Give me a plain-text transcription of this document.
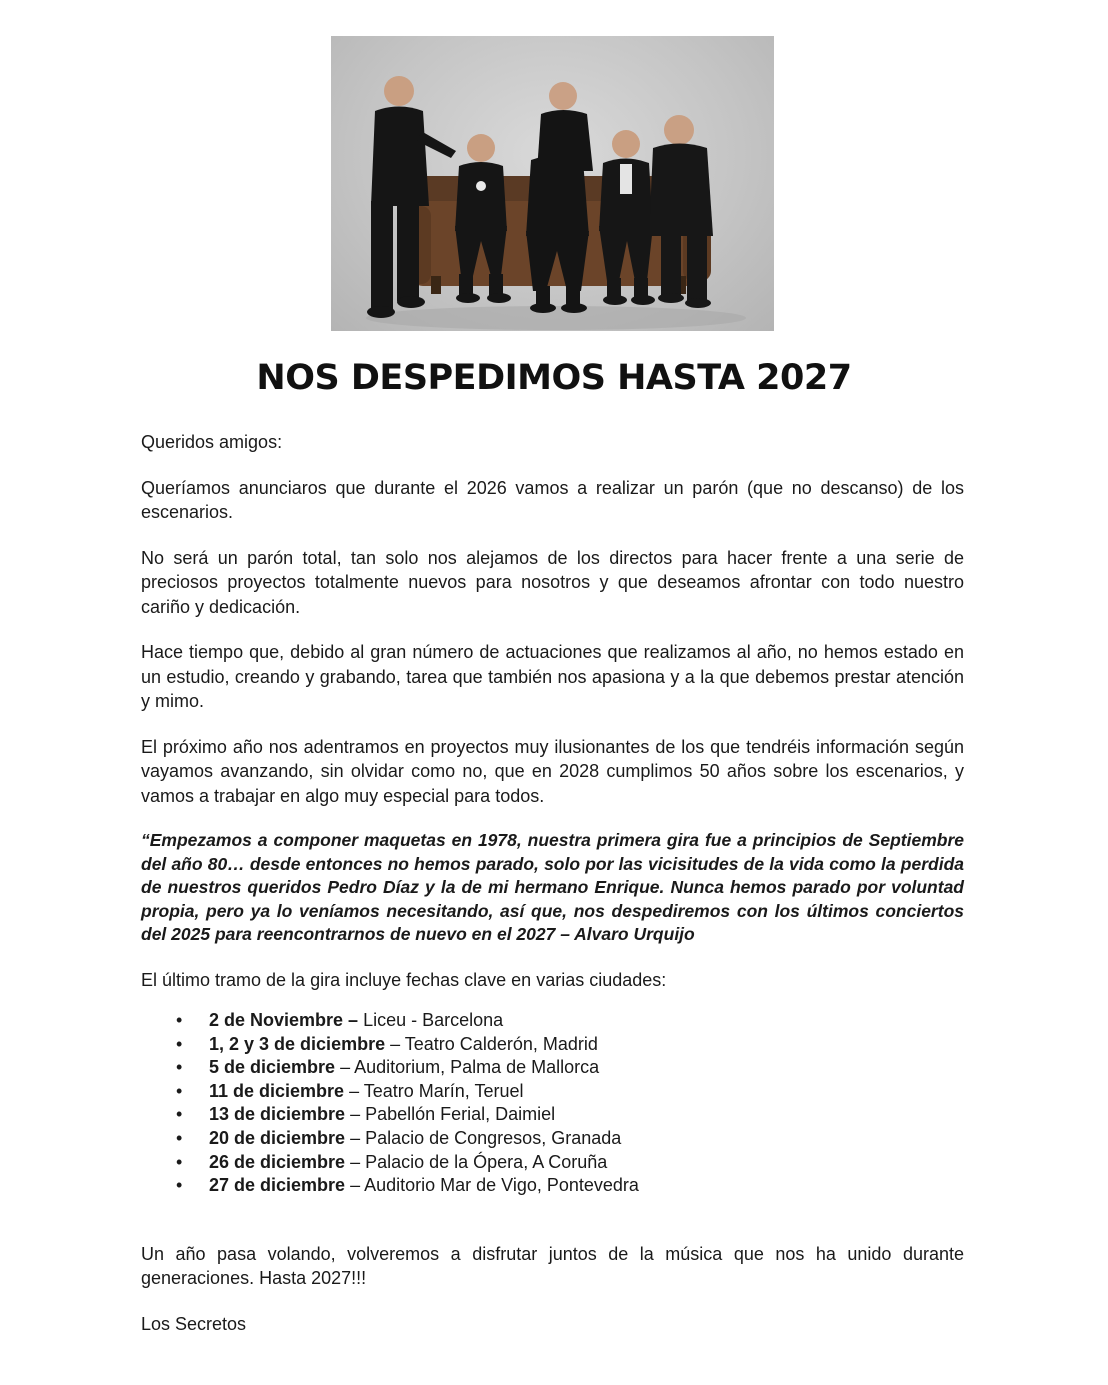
NOS DESPEDIMOS HASTA 2027

Queridos amigos:

Queríamos anunciaros que durante el 2026 vamos a realizar un parón (que no descanso) de los escenarios.

No será un parón total, tan solo nos alejamos de los directos para hacer frente a una serie de preciosos proyectos totalmente nuevos para nosotros y que deseamos afrontar con todo nuestro cariño y dedicación.

Hace tiempo que, debido al gran número de actuaciones que realizamos al año, no hemos estado en un estudio, creando y grabando, tarea que también nos apasiona y a la que debemos prestar atención y mimo.

El próximo año nos adentramos en proyectos muy ilusionantes de los que tendréis información según vayamos avanzando, sin olvidar como no, que en 2028 cumplimos 50 años sobre los escenarios, y vamos a trabajar en algo muy especial para todos.

“Empezamos a componer maquetas en 1978, nuestra primera gira fue a principios de Septiembre del año 80… desde entonces no hemos parado, solo por las vicisitudes de la vida como la perdida de nuestros queridos Pedro Díaz y la de mi hermano Enrique. Nunca hemos parado por voluntad propia, pero ya lo veníamos necesitando, así que, nos despediremos con los últimos conciertos del 2025 para reencontrarnos de nuevo en el 2027 – Alvaro Urquijo

El último tramo de la gira incluye fechas clave en varias ciudades:

• 2 de Noviembre – Liceu - Barcelona
• 1, 2 y 3 de diciembre – Teatro Calderón, Madrid
• 5 de diciembre – Auditorium, Palma de Mallorca
• 11 de diciembre – Teatro Marín, Teruel
• 13 de diciembre – Pabellón Ferial, Daimiel
• 20 de diciembre – Palacio de Congresos, Granada
• 26 de diciembre – Palacio de la Ópera, A Coruña
• 27 de diciembre – Auditorio Mar de Vigo, Pontevedra

Un año pasa volando, volveremos a disfrutar juntos de la música que nos ha unido durante generaciones. Hasta 2027!!!

Los Secretos
